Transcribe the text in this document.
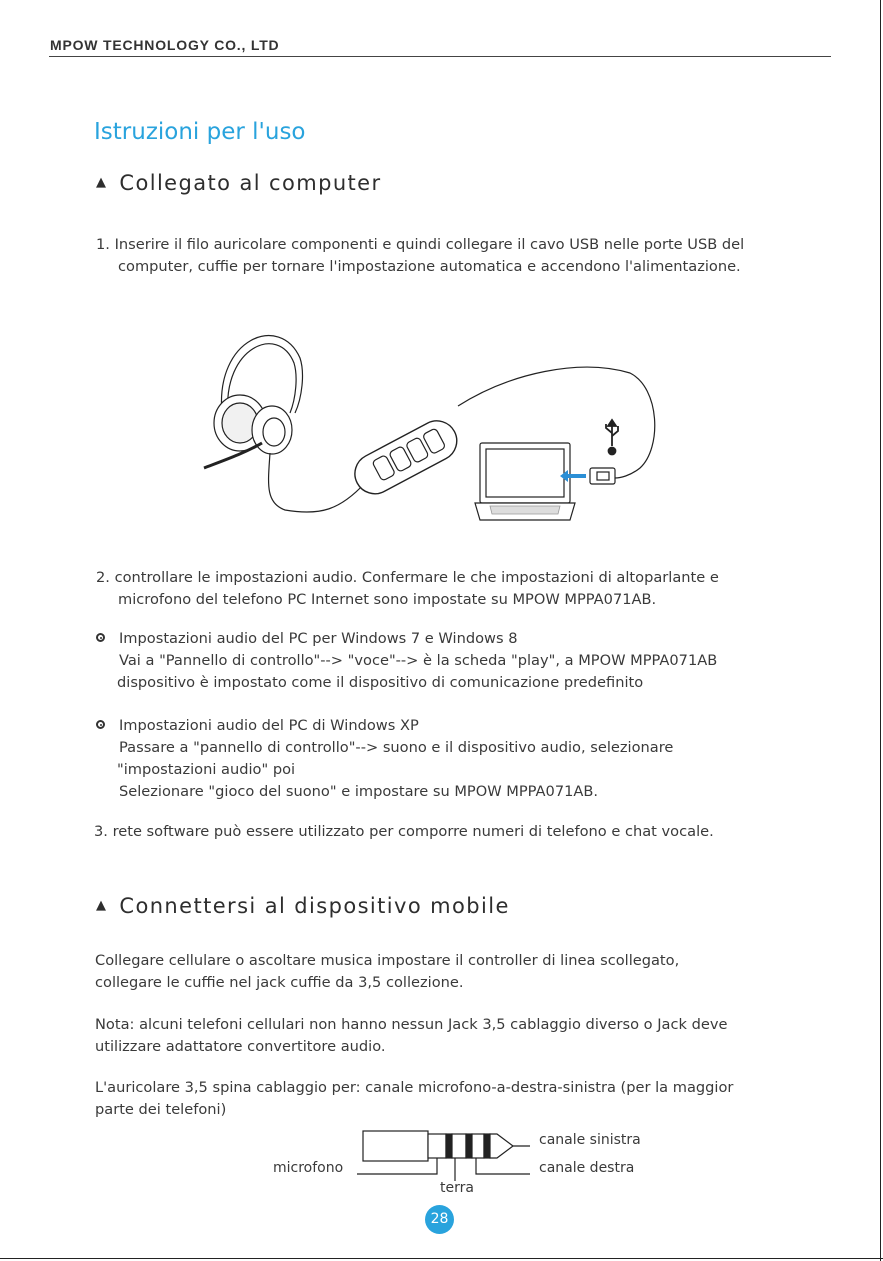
MPOW TECHNOLOGY CO., LTD
Istruzioni per l'uso
▲ Collegato al computer
1. Inserire il filo auricolare componenti e quindi collegare il cavo USB nelle porte USB del
computer, cuffie per tornare l'impostazione automatica e accendono l'alimentazione.
2. controllare le impostazioni audio. Confermare le che impostazioni di altoparlante e
microfono del telefono PC Internet sono impostate su MPOW MPPA071AB.
Impostazioni audio del PC per Windows 7 e Windows 8
Vai a "Pannello di controllo"--> "voce"--> è la scheda "play", a MPOW MPPA071AB
dispositivo è impostato come il dispositivo di comunicazione predefinito
Impostazioni audio del PC di Windows XP
Passare a "pannello di controllo"--> suono e il dispositivo audio, selezionare
"impostazioni audio" poi
Selezionare "gioco del suono" e impostare su MPOW MPPA071AB.
3. rete software può essere utilizzato per comporre numeri di telefono e chat vocale.
▲ Connettersi al dispositivo mobile
Collegare cellulare o ascoltare musica impostare il controller di linea scollegato,
collegare le cuffie nel jack cuffie da 3,5 collezione.
Nota: alcuni telefoni cellulari non hanno nessun Jack 3,5 cablaggio diverso o Jack deve
utilizzare adattatore convertitore audio.
L'auricolare 3,5 spina cablaggio per: canale microfono-a-destra-sinistra (per la maggior
parte dei telefoni)
canale sinistra
canale destra
microfono
terra
28
